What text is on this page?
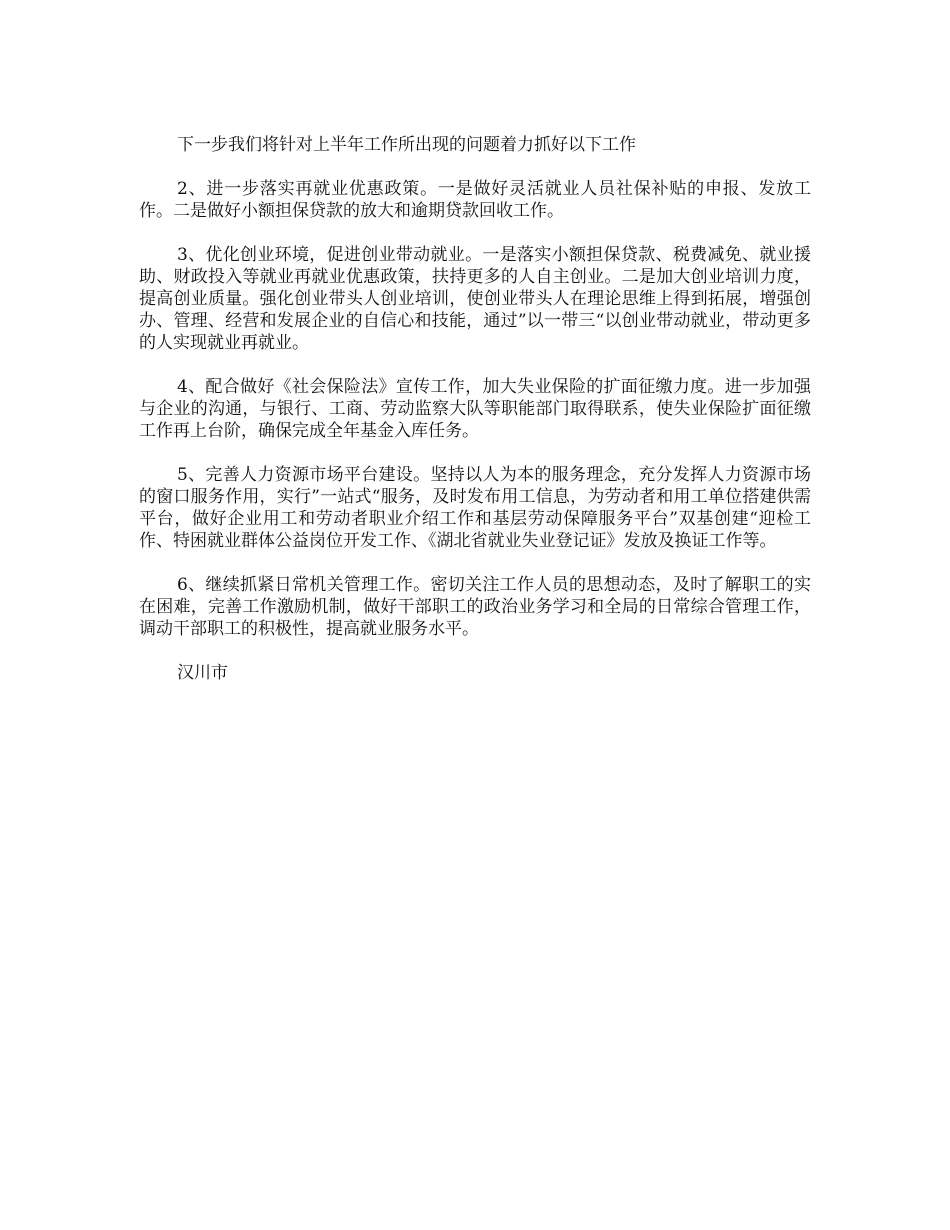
下一步我们将针对上半年工作所出现的问题着力抓好以下工作

2、进一步落实再就业优惠政策。一是做好灵活就业人员社保补贴的申报、发放工作。二是做好小额担保贷款的放大和逾期贷款回收工作。

3、优化创业环境，促进创业带动就业。一是落实小额担保贷款、税费减免、就业援助、财政投入等就业再就业优惠政策，扶持更多的人自主创业。二是加大创业培训力度，提高创业质量。强化创业带头人创业培训，使创业带头人在理论思维上得到拓展，增强创办、管理、经营和发展企业的自信心和技能，通过”以一带三“以创业带动就业，带动更多的人实现就业再就业。

4、配合做好《社会保险法》宣传工作，加大失业保险的扩面征缴力度。进一步加强与企业的沟通，与银行、工商、劳动监察大队等职能部门取得联系，使失业保险扩面征缴工作再上台阶，确保完成全年基金入库任务。

5、完善人力资源市场平台建设。坚持以人为本的服务理念，充分发挥人力资源市场的窗口服务作用，实行”一站式“服务，及时发布用工信息，为劳动者和用工单位搭建供需平台，做好企业用工和劳动者职业介绍工作和基层劳动保障服务平台”双基创建“迎检工作、特困就业群体公益岗位开发工作、《湖北省就业失业登记证》发放及换证工作等。

6、继续抓紧日常机关管理工作。密切关注工作人员的思想动态，及时了解职工的实在困难，完善工作激励机制，做好干部职工的政治业务学习和全局的日常综合管理工作，调动干部职工的积极性，提高就业服务水平。

汉川市
